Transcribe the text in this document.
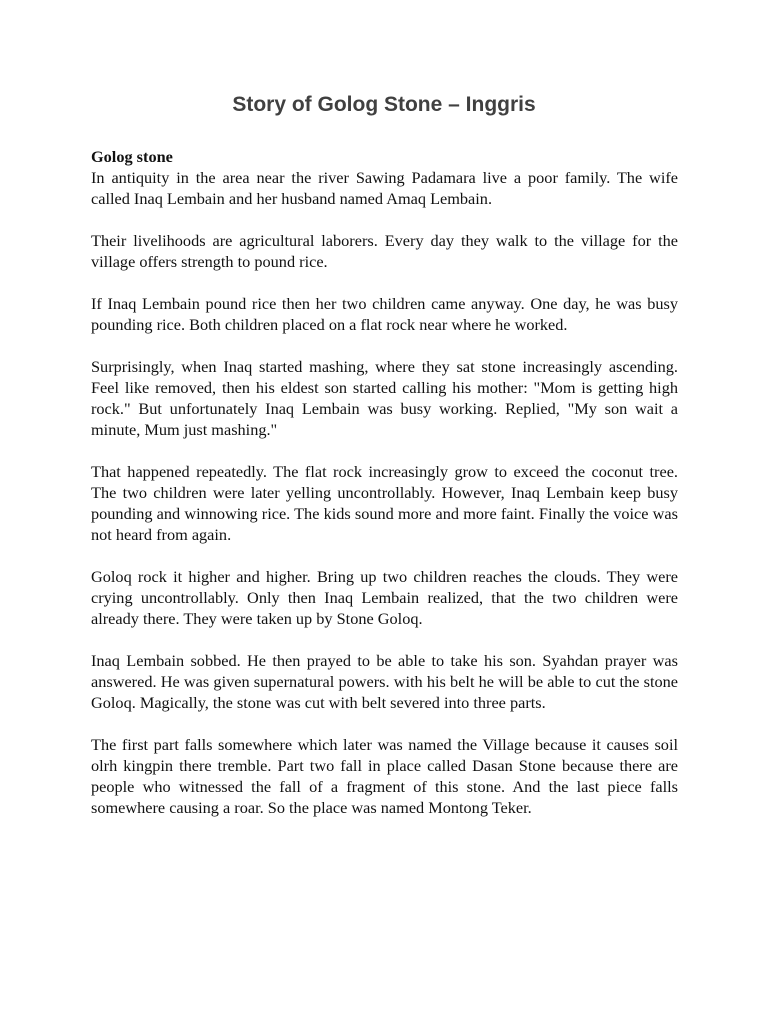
Story of Golog Stone – Inggris

Golog stone

In antiquity in the area near the river Sawing Padamara live a poor family. The wife called Inaq Lembain and her husband named Amaq Lembain.

Their livelihoods are agricultural laborers. Every day they walk to the village for the village offers strength to pound rice.

If Inaq Lembain pound rice then her two children came anyway. One day, he was busy pounding rice. Both children placed on a flat rock near where he worked.

Surprisingly, when Inaq started mashing, where they sat stone increasingly ascending. Feel like removed, then his eldest son started calling his mother: "Mom is getting high rock." But unfortunately Inaq Lembain was busy working. Replied, "My son wait a minute, Mum just mashing."

That happened repeatedly. The flat rock increasingly grow to exceed the coconut tree. The two children were later yelling uncontrollably. However, Inaq Lembain keep busy pounding and winnowing rice. The kids sound more and more faint. Finally the voice was not heard from again.

Goloq rock it higher and higher. Bring up two children reaches the clouds. They were crying uncontrollably. Only then Inaq Lembain realized, that the two children were already there. They were taken up by Stone Goloq.

Inaq Lembain sobbed. He then prayed to be able to take his son. Syahdan prayer was answered. He was given supernatural powers. with his belt he will be able to cut the stone Goloq. Magically, the stone was cut with belt severed into three parts.

The first part falls somewhere which later was named the Village because it causes soil olrh kingpin there tremble. Part two fall in place called Dasan Stone because there are people who witnessed the fall of a fragment of this stone. And the last piece falls somewhere causing a roar. So the place was named Montong Teker.
